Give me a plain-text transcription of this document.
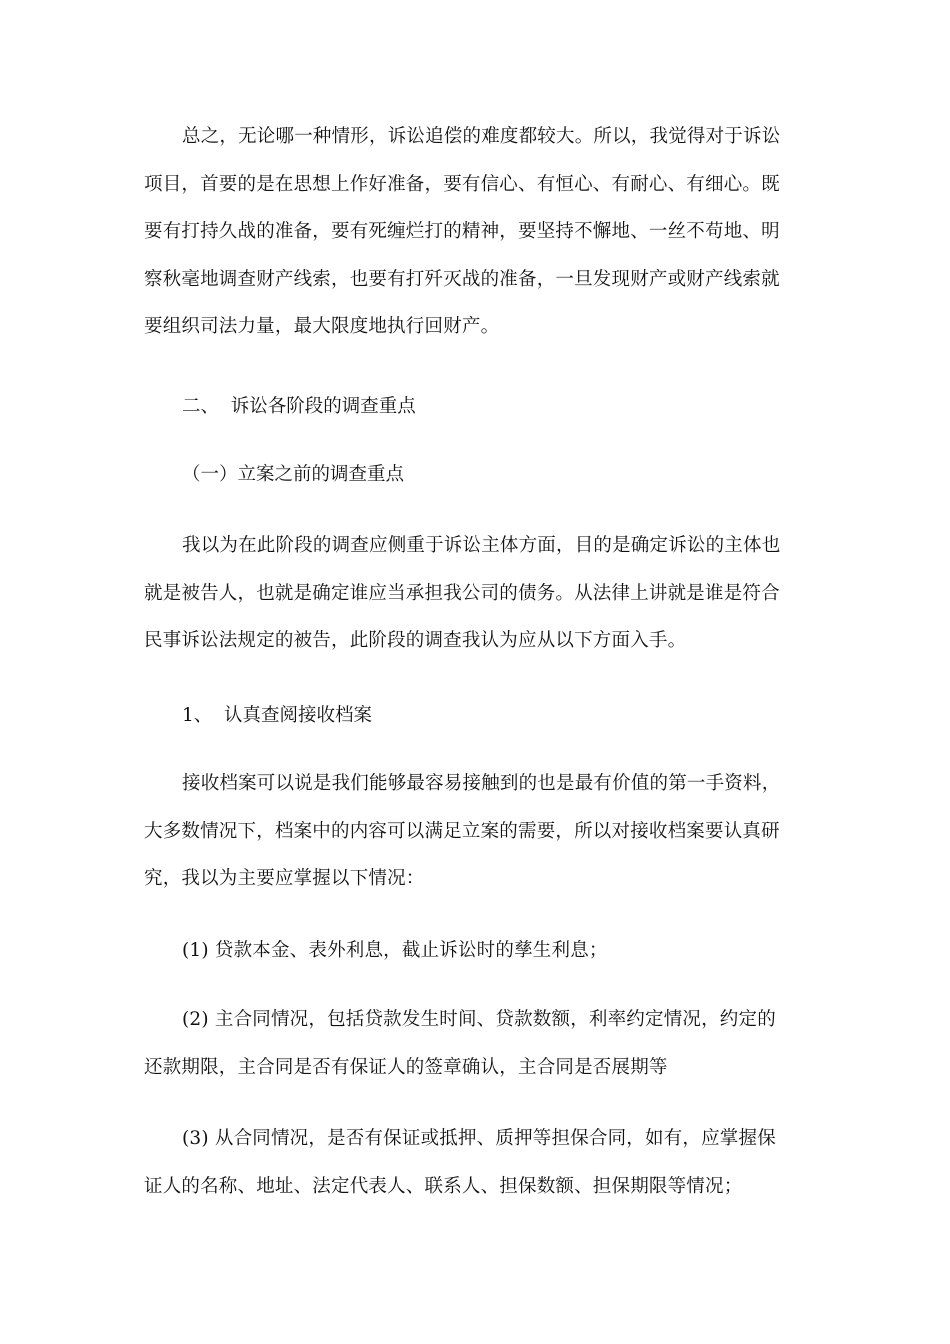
总之，无论哪一种情形，诉讼追偿的难度都较大。所以，我觉得对于诉讼
项目，首要的是在思想上作好准备，要有信心、有恒心、有耐心、有细心。既
要有打持久战的准备，要有死缠烂打的精神，要坚持不懈地、一丝不苟地、明
察秋毫地调查财产线索，也要有打歼灭战的准备，一旦发现财产或财产线索就
要组织司法力量，最大限度地执行回财产。
二、  诉讼各阶段的调查重点
（一）立案之前的调查重点
我以为在此阶段的调查应侧重于诉讼主体方面，目的是确定诉讼的主体也
就是被告人，也就是确定谁应当承担我公司的债务。从法律上讲就是谁是符合
民事诉讼法规定的被告，此阶段的调查我认为应从以下方面入手。
1、  认真查阅接收档案
接收档案可以说是我们能够最容易接触到的也是最有价值的第一手资料，
大多数情况下，档案中的内容可以满足立案的需要，所以对接收档案要认真研
究，我以为主要应掌握以下情况：
(1) 贷款本金、表外利息，截止诉讼时的孳生利息；
(2) 主合同情况，包括贷款发生时间、贷款数额，利率约定情况，约定的
还款期限，主合同是否有保证人的签章确认，主合同是否展期等
(3) 从合同情况，是否有保证或抵押、质押等担保合同，如有，应掌握保
证人的名称、地址、法定代表人、联系人、担保数额、担保期限等情况；
